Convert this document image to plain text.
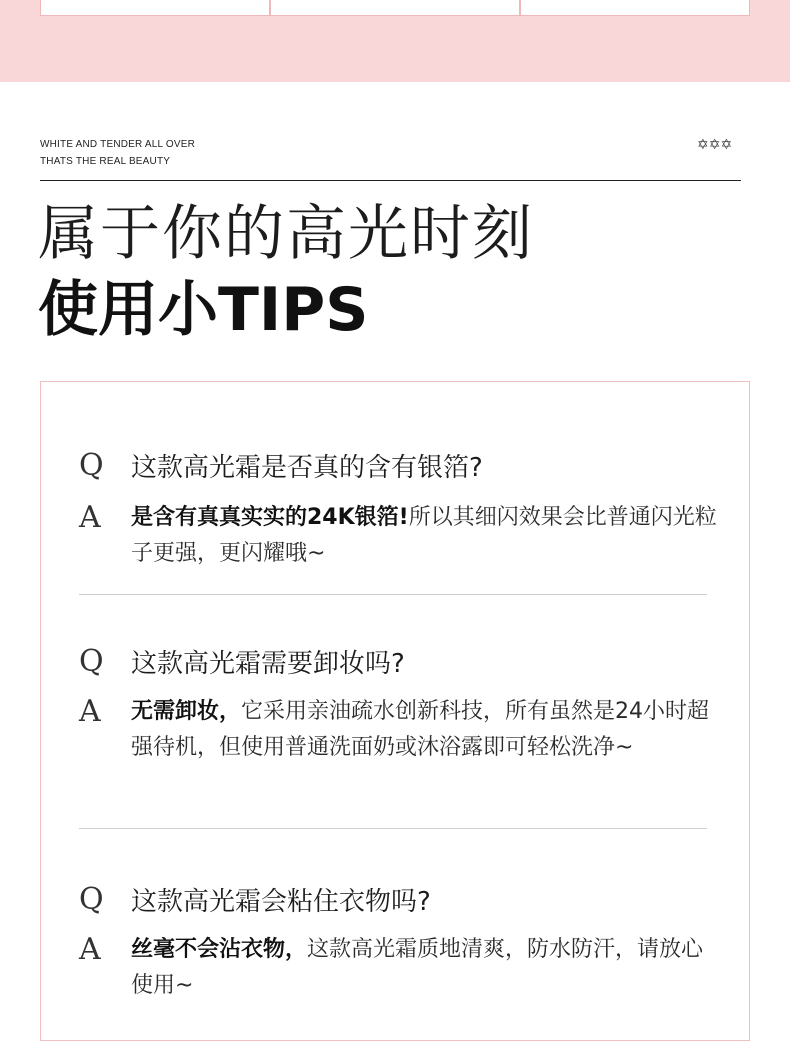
WHITE AND TENDER ALL OVER
THATS THE REAL BEAUTY
✡✡✡
属于你的高光时刻
使用小TIPS
Q 这款高光霜是否真的含有银箔?
A 是含有真真实实的24K银箔!所以其细闪效果会比普通闪光粒子更强，更闪耀哦~
Q 这款高光霜需要卸妆吗?
A 无需卸妆，它采用亲油疏水创新科技，所有虽然是24小时超强待机，但使用普通洗面奶或沐浴露即可轻松洗净~
Q 这款高光霜会粘住衣物吗?
A 丝毫不会沾衣物，这款高光霜质地清爽，防水防汗，请放心使用~
